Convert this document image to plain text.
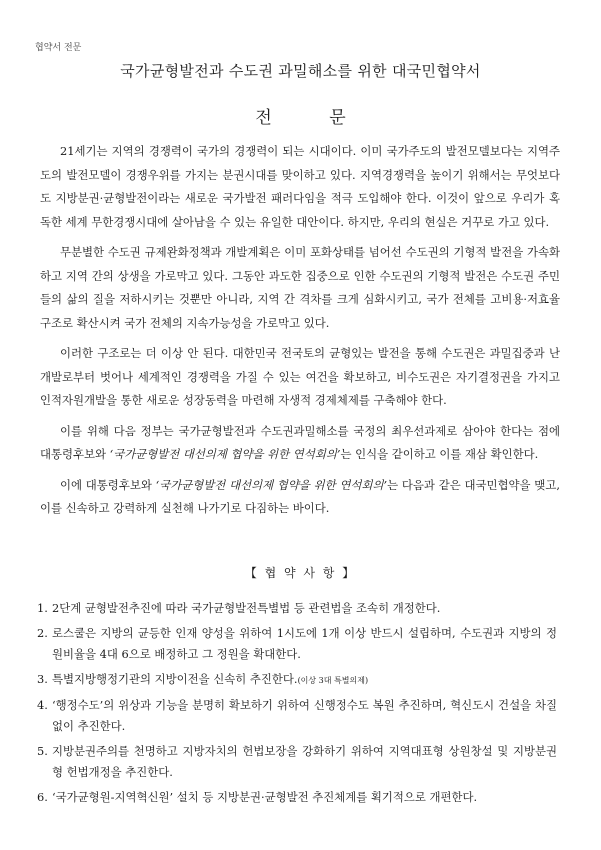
협약서 전문
국가균형발전과 수도권 과밀해소를 위한 대국민협약서
전 문

21세기는 지역의 경쟁력이 국가의 경쟁력이 되는 시대이다. 이미 국가주도의 발전모델보다는 지역주도의 발전모델이 경쟁우위를 가지는 분권시대를 맞이하고 있다. 지역경쟁력을 높이기 위해서는 무엇보다도 지방분권·균형발전이라는 새로운 국가발전 패러다임을 적극 도입해야 한다. 이것이 앞으로 우리가 혹독한 세계 무한경쟁시대에 살아남을 수 있는 유일한 대안이다. 하지만, 우리의 현실은 거꾸로 가고 있다.

무분별한 수도권 규제완화정책과 개발계획은 이미 포화상태를 넘어선 수도권의 기형적 발전을 가속화하고 지역 간의 상생을 가로막고 있다. 그동안 과도한 집중으로 인한 수도권의 기형적 발전은 수도권 주민들의 삶의 질을 저하시키는 것뿐만 아니라, 지역 간 격차를 크게 심화시키고, 국가 전체를 고비용·저효율 구조로 확산시켜 국가 전체의 지속가능성을 가로막고 있다.

이러한 구조로는 더 이상 안 된다. 대한민국 전국토의 균형있는 발전을 통해 수도권은 과밀집중과 난개발로부터 벗어나 세계적인 경쟁력을 가질 수 있는 여건을 확보하고, 비수도권은 자기결정권을 가지고 인적자원개발을 통한 새로운 성장동력을 마련해 자생적 경제체제를 구축해야 한다.

이를 위해 다음 정부는 국가균형발전과 수도권과밀해소를 국정의 최우선과제로 삼아야 한다는 점에 대통령후보와 ‘국가균형발전 대선의제 협약을 위한 연석회의’는 인식을 같이하고 이를 재삼 확인한다.

이에 대통령후보와 ‘국가균형발전 대선의제 협약을 위한 연석회의’는 다음과 같은 대국민협약을 맺고, 이를 신속하고 강력하게 실천해 나가기로 다짐하는 바이다.

【 협 약 사 항 】
1. 2단계 균형발전추진에 따라 국가균형발전특별법 등 관련법을 조속히 개정한다.
2. 로스쿨은 지방의 균등한 인재 양성을 위하여 1시도에 1개 이상 반드시 설립하며, 수도권과 지방의 정원비율을 4대 6으로 배정하고 그 정원을 확대한다.
3. 특별지방행정기관의 지방이전을 신속히 추진한다.(이상 3대 특별의제)
4. ‘행정수도’의 위상과 기능을 분명히 확보하기 위하여 신행정수도 복원 추진하며, 혁신도시 건설을 차질없이 추진한다.
5. 지방분권주의를 천명하고 지방자치의 헌법보장을 강화하기 위하여 지역대표형 상원창설 및 지방분권형 헌법개정을 추진한다.
6. ‘국가균형원-지역혁신원’ 설치 등 지방분권·균형발전 추진체계를 획기적으로 개편한다.
